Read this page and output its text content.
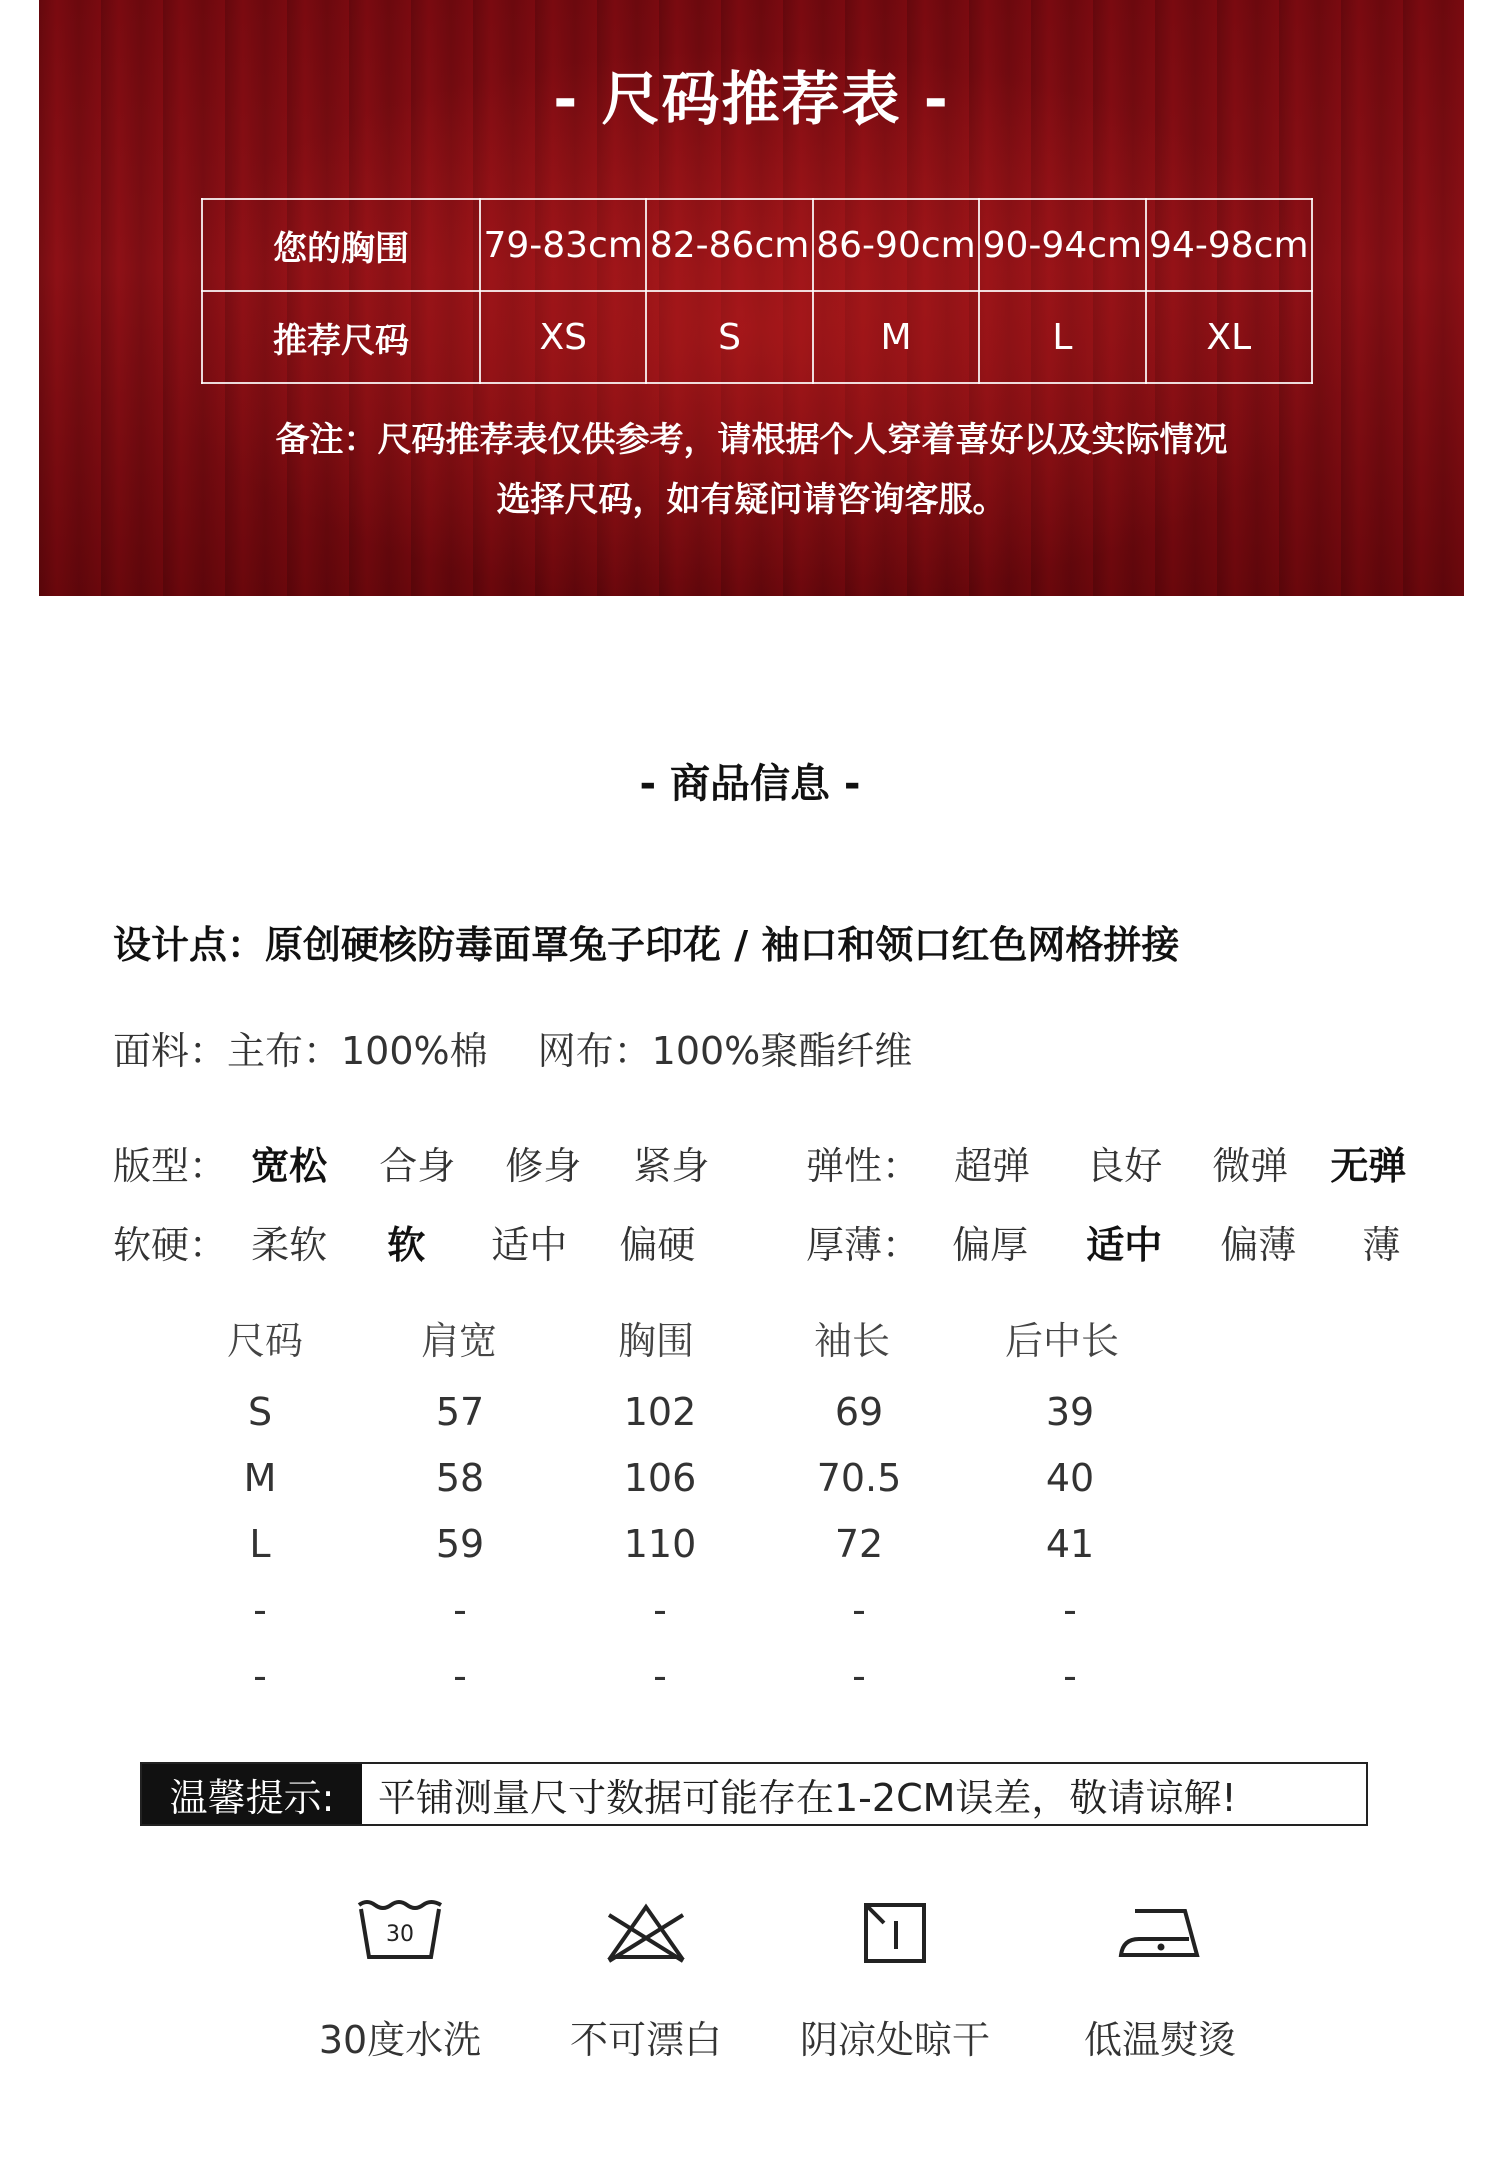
- 尺码推荐表 -
您的胸围	79-83cm	82-86cm	86-90cm	90-94cm	94-98cm
推荐尺码	XS	S	M	L	XL
备注：尺码推荐表仅供参考，请根据个人穿着喜好以及实际情况
选择尺码，如有疑问请咨询客服。
- 商品信息 -
设计点：原创硬核防毒面罩兔子印花 / 袖口和领口红色网格拼接
面料：主布：100%棉 网布：100%聚酯纤维
版型： 宽松 合身 修身 紧身	弹性： 超弹 良好 微弹 无弹
软硬： 柔软 软 适中 偏硬	厚薄： 偏厚 适中 偏薄 薄
尺码	肩宽	胸围	袖长	后中长
S	57	102	69	39
M	58	106	70.5	40
L	59	110	72	41
-	-	-	-	-
-	-	-	-	-
温馨提示:	平铺测量尺寸数据可能存在1-2CM误差，敬请谅解!
30
30度水洗	不可漂白	阴凉处晾干	低温熨烫
